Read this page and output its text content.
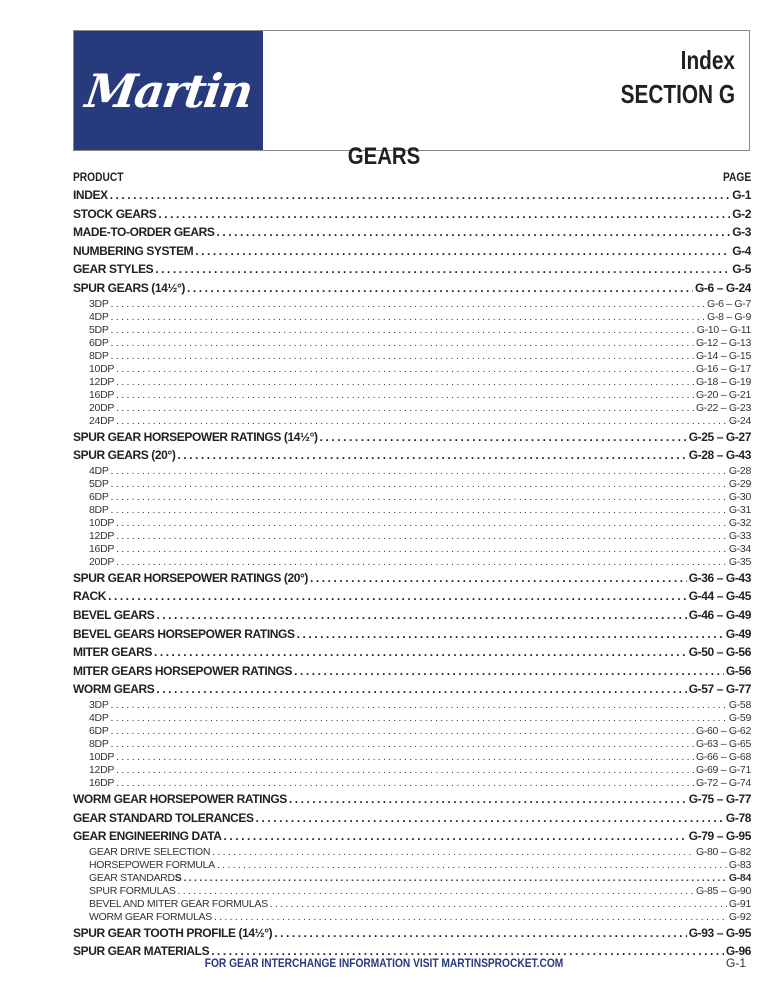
Martin
Index
SECTION G
GEARS
PRODUCT	PAGE
INDEX . . .	G-1
STOCK GEARS . . .	G-2
MADE-TO-ORDER GEARS . . .	G-3
NUMBERING SYSTEM . . .	G-4
GEAR STYLES . . .	G-5
SPUR GEARS (14½°) . . .	G-6 – G-24
3DP . . .	G-6 – G-7
4DP . . .	G-8 – G-9
5DP . . .	G-10 – G-11
6DP . . .	G-12 – G-13
8DP . . .	G-14 – G-15
10DP . . .	G-16 – G-17
12DP . . .	G-18 – G-19
16DP . . .	G-20 – G-21
20DP . . .	G-22 – G-23
24DP . . .	G-24
SPUR GEAR HORSEPOWER RATINGS (14½°) . . .	G-25 – G-27
SPUR GEARS (20°) . . .	G-28 – G-43
4DP . . .	G-28
5DP . . .	G-29
6DP . . .	G-30
8DP . . .	G-31
10DP . . .	G-32
12DP . . .	G-33
16DP . . .	G-34
20DP . . .	G-35
SPUR GEAR HORSEPOWER RATINGS (20°) . . .	G-36 – G-43
RACK . . .	G-44 – G-45
BEVEL GEARS . . .	G-46 – G-49
BEVEL GEARS HORSEPOWER RATINGS . . .	G-49
MITER GEARS . . .	G-50 – G-56
MITER GEARS HORSEPOWER RATINGS . . .	G-56
WORM GEARS . . .	G-57 – G-77
3DP . . .	G-58
4DP . . .	G-59
6DP . . .	G-60 – G-62
8DP . . .	G-63 – G-65
10DP . . .	G-66 – G-68
12DP . . .	G-69 – G-71
16DP . . .	G-72 – G-74
WORM GEAR HORSEPOWER RATINGS . . .	G-75 – G-77
GEAR STANDARD TOLERANCES . . .	G-78
GEAR ENGINEERING DATA . . .	G-79 – G-95
GEAR DRIVE SELECTION . . .	G-80 – G-82
HORSEPOWER FORMULA . . .	G-83
GEAR STANDARD S . . .	G-84
SPUR FORMULAS . . .	G-85 – G-90
BEVEL AND MITER GEAR FORMULAS . . .	G-91
WORM GEAR FORMULAS . . .	G-92
SPUR GEAR TOOTH PROFILE (14½°) . . .	G-93 – G-95
SPUR GEAR MATERIALS . . .	G-96
FOR GEAR INTERCHANGE INFORMATION VISIT MARTINSPROCKET.COM	G-1
